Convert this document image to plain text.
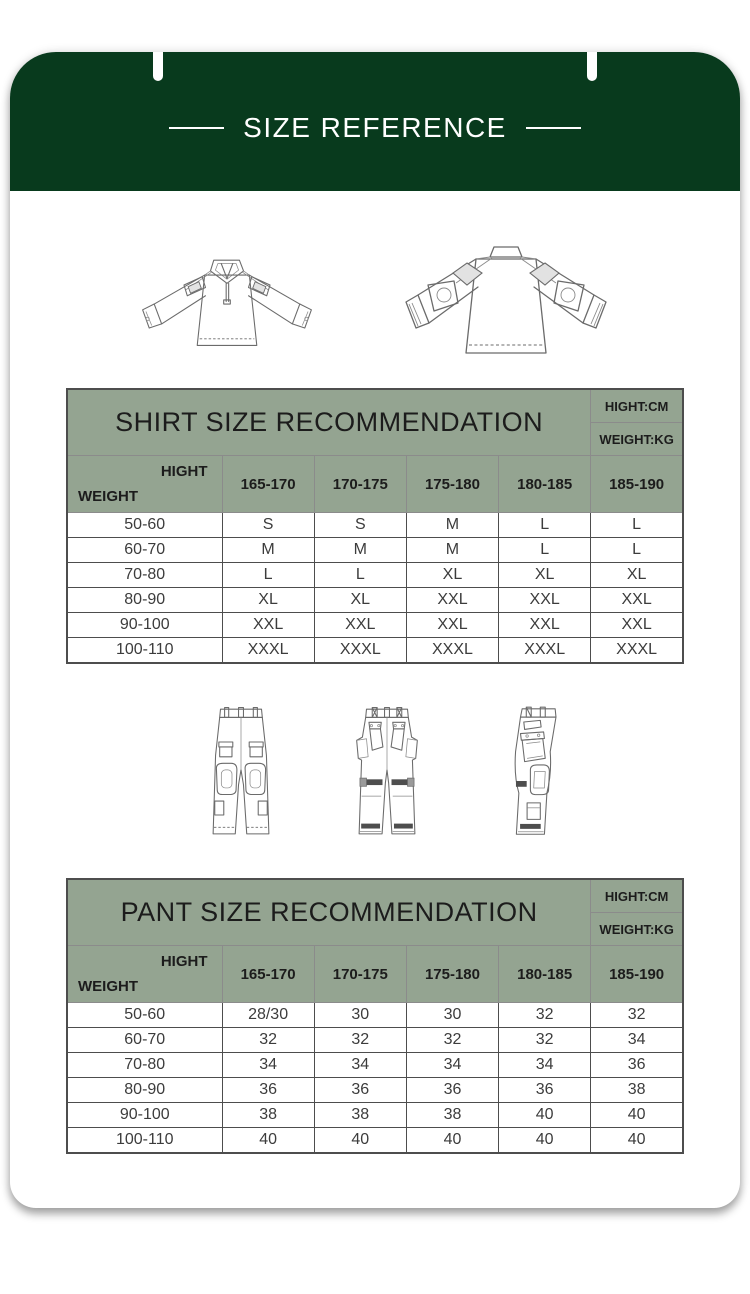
SIZE REFERENCE
SHIRT SIZE RECOMMENDATION					HIGHT:CM
					WEIGHT:KG

HIGHT
WEIGHT	165-170	170-175	175-180	180-185	185-190
50-60	S	S	M	L	L
60-70	M	M	M	L	L
70-80	L	L	XL	XL	XL
80-90	XL	XL	XXL	XXL	XXL
90-100	XXL	XXL	XXL	XXL	XXL
100-110	XXXL	XXXL	XXXL	XXXL	XXXL
PANT SIZE RECOMMENDATION					HIGHT:CM
					WEIGHT:KG

HIGHT
WEIGHT	165-170	170-175	175-180	180-185	185-190
50-60	28/30	30	30	32	32
60-70	32	32	32	32	34
70-80	34	34	34	34	36
80-90	36	36	36	36	38
90-100	38	38	38	40	40
100-110	40	40	40	40	40
